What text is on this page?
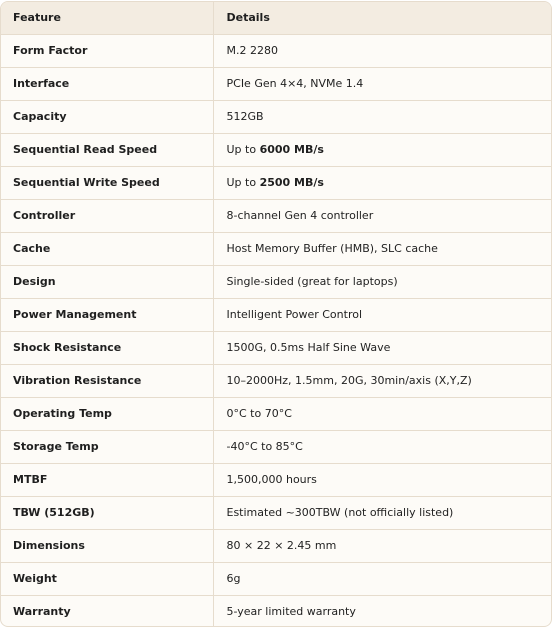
Feature	Details
Form Factor	M.2 2280
Interface	PCIe Gen 4×4, NVMe 1.4
Capacity	512GB
Sequential Read Speed	Up to 6000 MB/s
Sequential Write Speed	Up to 2500 MB/s
Controller	8-channel Gen 4 controller
Cache	Host Memory Buffer (HMB), SLC cache
Design	Single-sided (great for laptops)
Power Management	Intelligent Power Control
Shock Resistance	1500G, 0.5ms Half Sine Wave
Vibration Resistance	10–2000Hz, 1.5mm, 20G, 30min/axis (X,Y,Z)
Operating Temp	0°C to 70°C
Storage Temp	-40°C to 85°C
MTBF	1,500,000 hours
TBW (512GB)	Estimated ~300TBW (not officially listed)
Dimensions	80 × 22 × 2.45 mm
Weight	6g
Warranty	5-year limited warranty
